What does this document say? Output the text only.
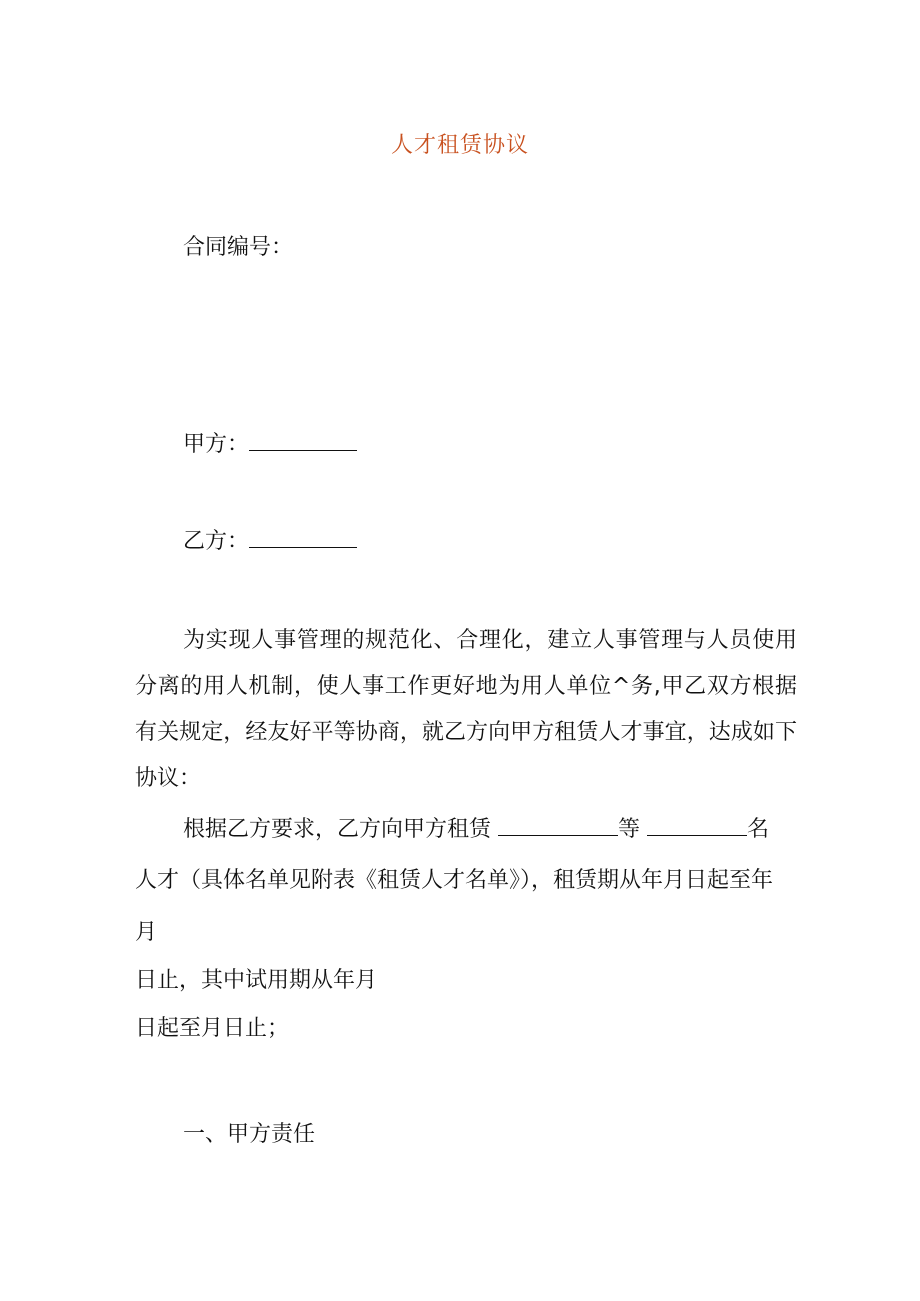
人才租赁协议
合同编号：
甲方：
乙方：
为实现人事管理的规范化、合理化，建立人事管理与人员使用分离的用人机制，使人事工作更好地为用人单位^务,甲乙双方根据有关规定，经友好平等协商，就乙方向甲方租赁人才事宜，达成如下协议：
根据乙方要求，乙方向甲方租赁	等	名
人才（具体名单见附表《租赁人才名单》），租赁期从年月日起至年
月
日止，其中试用期从年月
日起至月日止；
一、甲方责任
